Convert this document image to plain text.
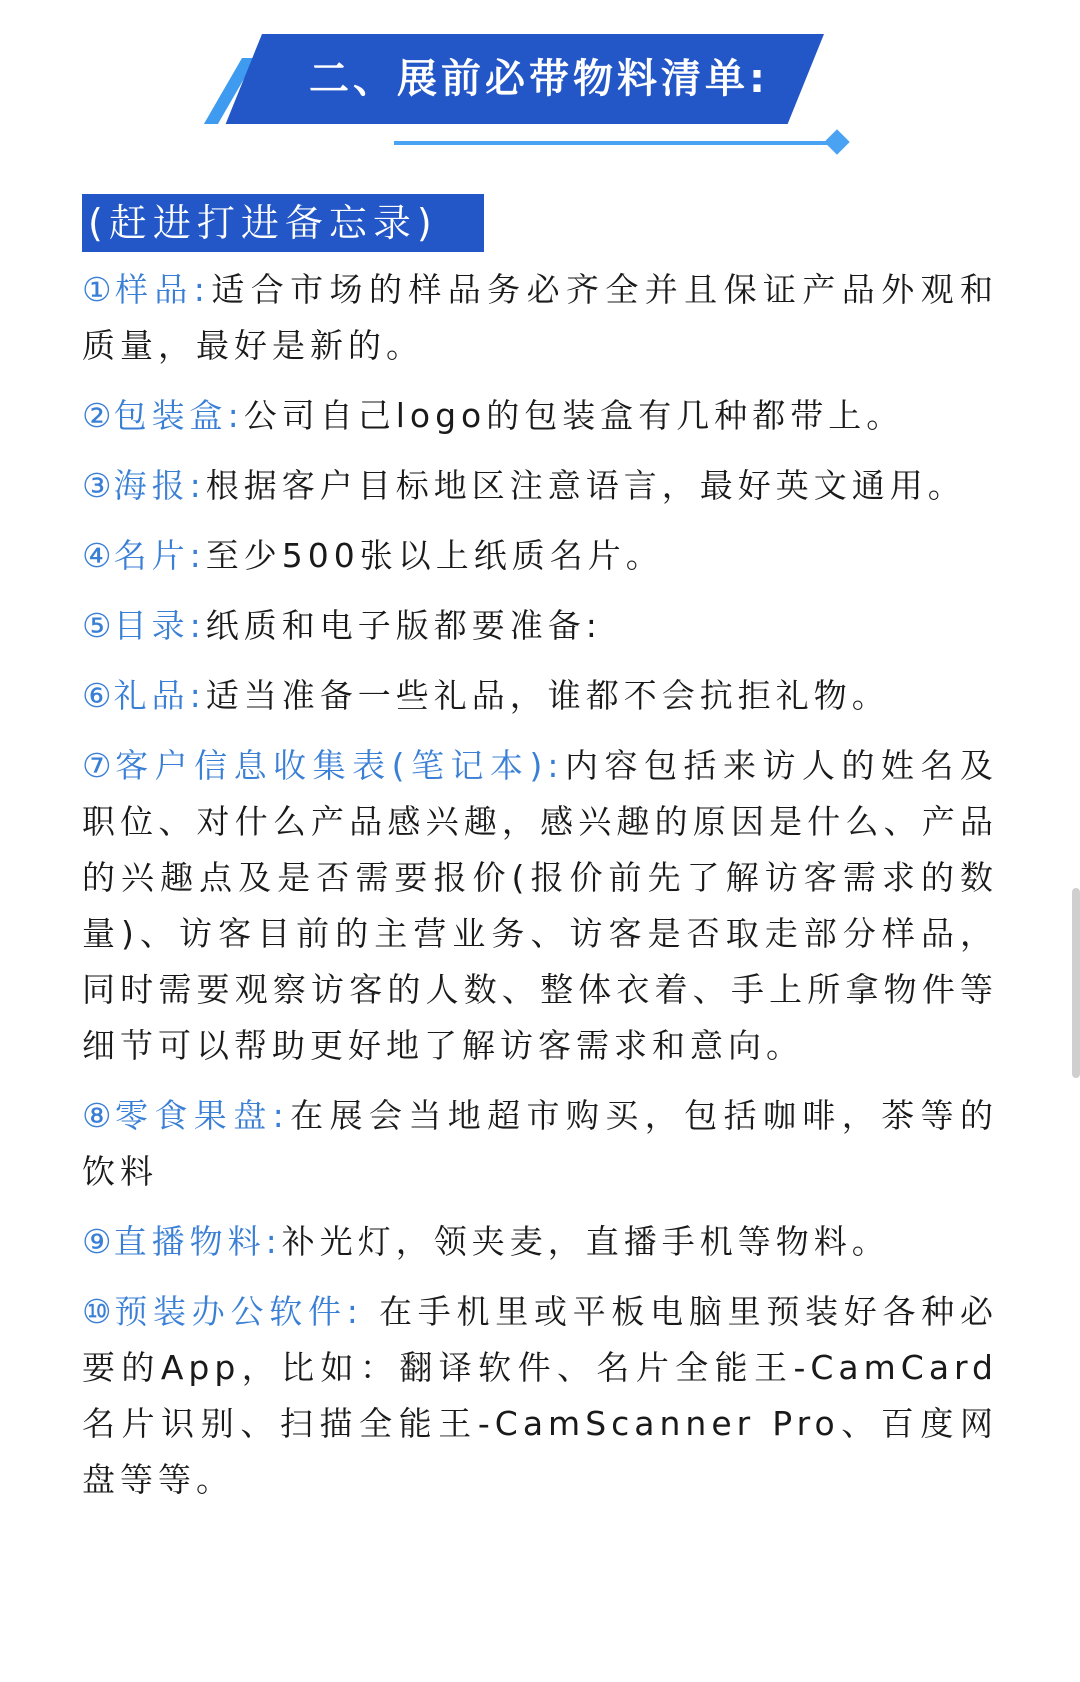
二、展前必带物料清单:
(赶进打进备忘录)

①样品:适合市场的样品务必齐全并且保证产品外观和质量，最好是新的。

②包装盒:公司自己logo的包装盒有几种都带上。

③海报:根据客户目标地区注意语言，最好英文通用。

④名片:至少500张以上纸质名片。

⑤目录:纸质和电子版都要准备:

⑥礼品:适当准备一些礼品，谁都不会抗拒礼物。

⑦客户信息收集表(笔记本):内容包括来访人的姓名及职位、对什么产品感兴趣，感兴趣的原因是什么、产品的兴趣点及是否需要报价(报价前先了解访客需求的数量)、访客目前的主营业务、访客是否取走部分样品，同时需要观察访客的人数、整体衣着、手上所拿物件等细节可以帮助更好地了解访客需求和意向。

⑧零食果盘:在展会当地超市购买，包括咖啡，茶等的饮料

⑨直播物料:补光灯，领夹麦，直播手机等物料。

⑩预装办公软件: 在手机里或平板电脑里预装好各种必要的App，比如：翻译软件、名片全能王-CamCard名片识别、扫描全能王-CamScanner Pro、百度网盘等等。
